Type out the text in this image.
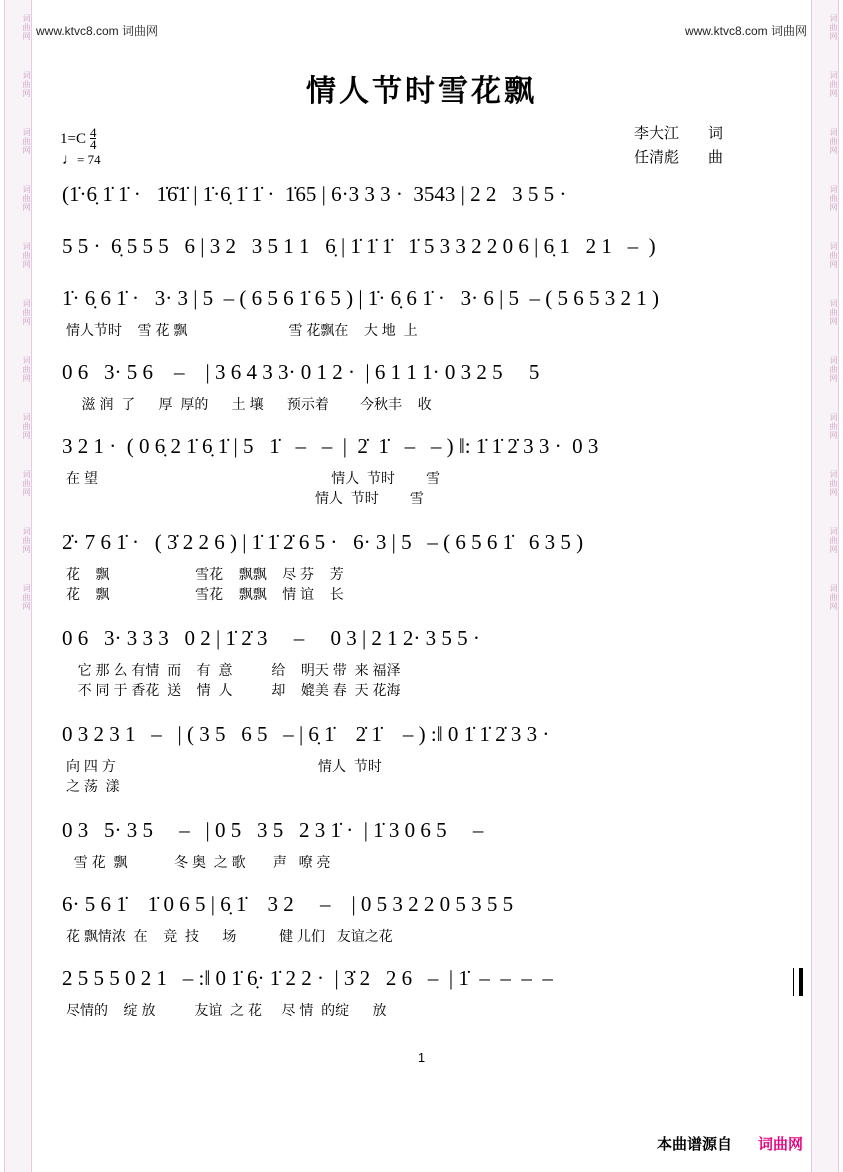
词曲网
词曲网
词曲网
词曲网
词曲网
词曲网
词曲网
词曲网
词曲网
词曲网
词曲网
词曲网
词曲网
词曲网
词曲网
词曲网
词曲网
词曲网
词曲网
词曲网
词曲网
词曲网
www.ktvc8.com 词曲网	www.ktvc8.com 词曲网
情人节时雪花飘
$1=C \frac{4}{4}$
♩= 74
李大江 词
任清彪 曲
(1̇·6̣ 1̇ 1̇ ·   1̇6̇1̇ | 1̇·6̣ 1̇ 1̇ ·  1̇65 | 6·3 3 3 ·  3543 | 2 2   3 5 5 ·
5 5 ·  6̣ 5 5 5   6 | 3 2   3 5 1 1   6̣ | 1̇ 1̇ 1̇   1̇ 5 3 3 2 2 0 6 | 6̣ 1   2 1   –  )
1̇· 6̣ 6 1̇ ·   3· 3 | 5  – ( 6 5 6 1̇ 6 5 ) | 1̇· 6̣ 6 1̇ ·   3· 6 | 5  – ( 5 6 5 3 2 1 )
情人节时    雪 花 飘                          雪 花飘在    大 地  上
0 6   3· 5 6    –    | 3 6 4 3 3· 0 1 2 ·  | 6 1 1 1· 0 3 2 5     5
滋 润  了      厚  厚的      土 壤      预示着        今秋丰    收
3 2 1 ·  ( 0 6̣ 2 1̇ 6̣ 1̇ | 5   1̇   –   –  |  2̇  1̇   –   – ) ‖: 1̇ 1̇ 2̇ 3 3 ·  0 3
在 望                                                            情人  节时        雪
情人  节时        雪
2̇· 7 6 1̇ ·   ( 3̇ 2 2 6 ) | 1̇ 1̇ 2̇ 6 5 ·   6· 3 | 5   – ( 6 5 6 1̇   6 3 5 )
花    飘                      雪花    飘飘    尽 芬    芳
花    飘                      雪花    飘飘    情 谊    长
0 6   3· 3 3 3   0 2 | 1̇ 2̇ 3     –     0 3 | 2 1 2· 3 5 5 ·
它 那 么 有情  而    有  意          给    明天 带  来 福泽
不 同 于 香花  送    情  人          却    媲美 春  天 花海
0 3 2 3 1   –   | ( 3 5   6 5   – | 6̣ 1̇    2̇ 1̇    – ) :‖ 0 1̇ 1̇ 2̇ 3 3 ·
向 四 方                                                    情人  节时
之 荡  漾
0 3   5· 3 5     –   | 0 5   3 5   2 3 1̇ ·  | 1̇ 3 0 6 5     –
雪 花  飘            冬 奥  之 歌       声   嘹 亮
6· 5 6 1̇    1̇ 0 6 5 | 6̣ 1̇    3 2     –    | 0 5 3 2 2 0 5 3 5 5
花 飘情浓  在    竞  技      场           健 儿们   友谊之花
2 5 5 5 0 2 1   – :‖ 0 1̇ 6̣· 1̇ 2 2 ·  | 3̇ 2   2 6   –  | 1̇  –  –  –  –
尽情的    绽 放          友谊  之 花     尽 情  的绽      放
1
本曲谱源自 词曲网
